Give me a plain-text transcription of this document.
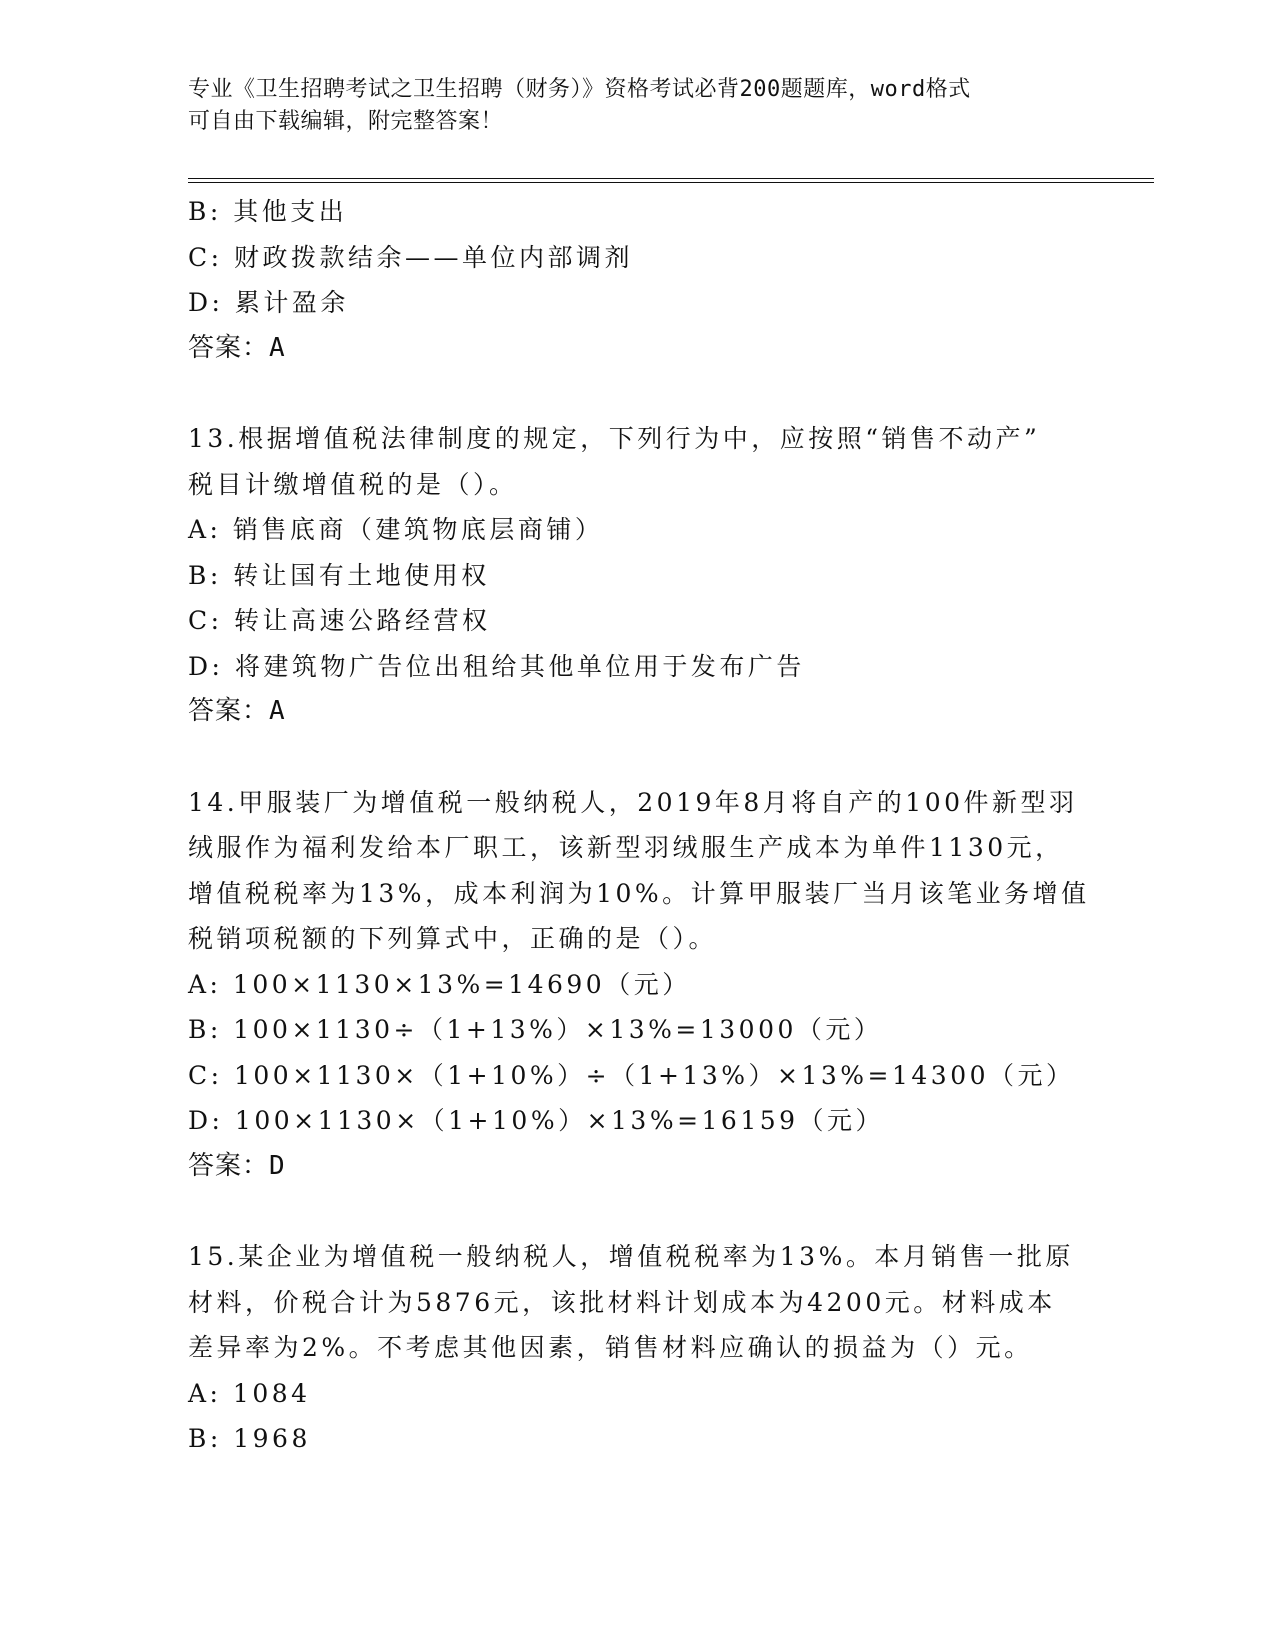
专业《卫生招聘考试之卫生招聘（财务）》资格考试必背200题题库，word格式
可自由下载编辑，附完整答案！
B: 其他支出
C: 财政拨款结余——单位内部调剂
D: 累计盈余
答案：A
13.根据增值税法律制度的规定，下列行为中，应按照“销售不动产”
税目计缴增值税的是（）。
A: 销售底商（建筑物底层商铺）
B: 转让国有土地使用权
C: 转让高速公路经营权
D: 将建筑物广告位出租给其他单位用于发布广告
答案：A
14.甲服装厂为增值税一般纳税人，2019年8月将自产的100件新型羽
绒服作为福利发给本厂职工，该新型羽绒服生产成本为单件1130元，
增值税税率为13%，成本利润为10%。计算甲服装厂当月该笔业务增值
税销项税额的下列算式中，正确的是（）。
A: 100×1130×13%=14690（元）
B: 100×1130÷（1+13%）×13%=13000（元）
C: 100×1130×（1+10%）÷（1+13%）×13%=14300（元）
D: 100×1130×（1+10%）×13%=16159（元）
答案：D
15.某企业为增值税一般纳税人，增值税税率为13%。本月销售一批原
材料，价税合计为5876元，该批材料计划成本为4200元。材料成本
差异率为2%。不考虑其他因素，销售材料应确认的损益为（）元。
A: 1084
B: 1968
